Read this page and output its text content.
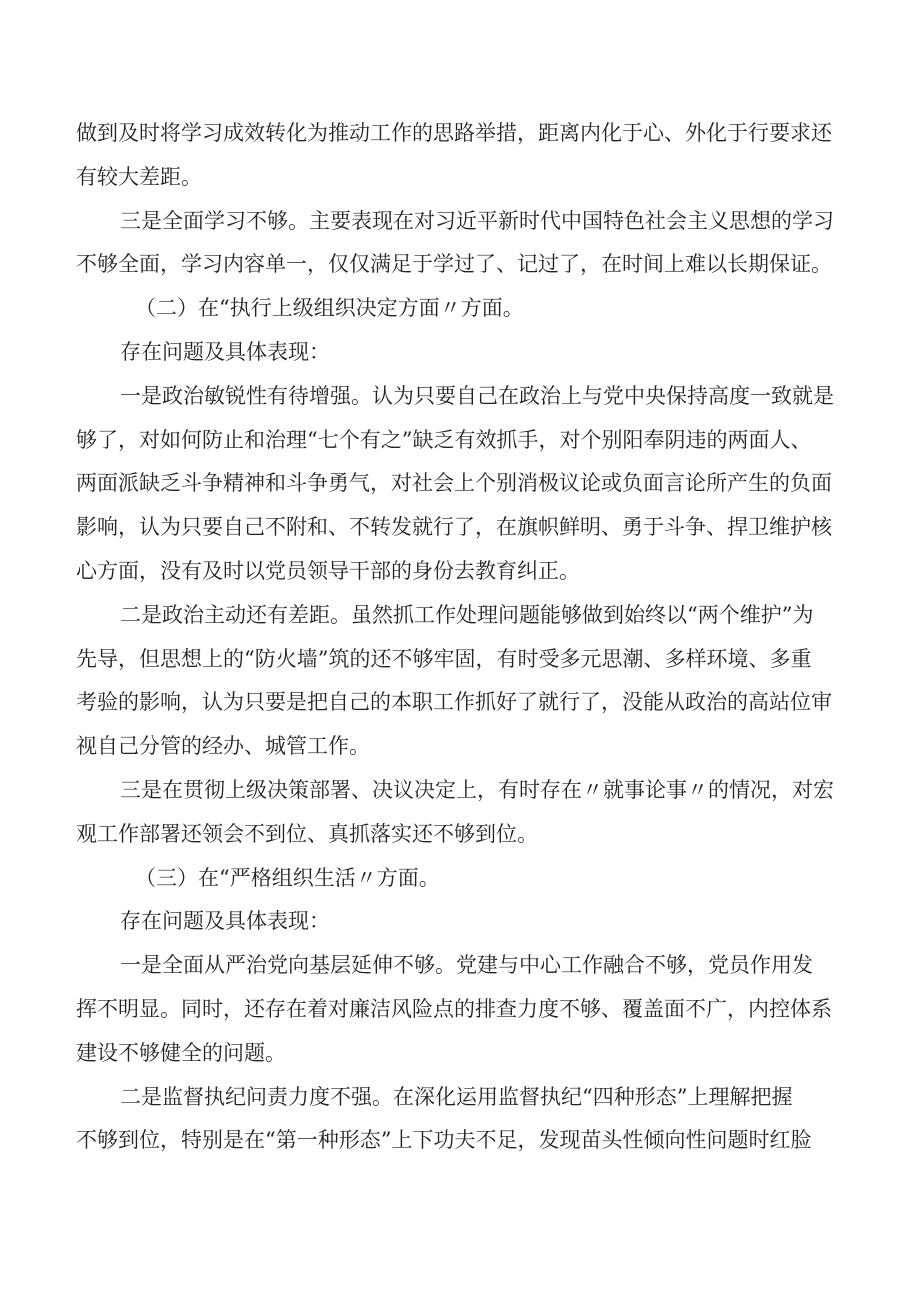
做到及时将学习成效转化为推动工作的思路举措，距离内化于心、外化于行要求还
有较大差距。
三是全面学习不够。主要表现在对习近平新时代中国特色社会主义思想的学习
不够全面，学习内容单一，仅仅满足于学过了、记过了，在时间上难以长期保证。
（二）在“执行上级组织决定方面〃方面。
存在问题及具体表现：
一是政治敏锐性有待增强。认为只要自己在政治上与党中央保持高度一致就是
够了，对如何防止和治理“七个有之”缺乏有效抓手，对个别阳奉阴违的两面人、
两面派缺乏斗争精神和斗争勇气，对社会上个别消极议论或负面言论所产生的负面
影响，认为只要自己不附和、不转发就行了，在旗帜鲜明、勇于斗争、捍卫维护核
心方面，没有及时以党员领导干部的身份去教育纠正。
二是政治主动还有差距。虽然抓工作处理问题能够做到始终以“两个维护”为
先导，但思想上的“防火墙”筑的还不够牢固，有时受多元思潮、多样环境、多重
考验的影响，认为只要是把自己的本职工作抓好了就行了，没能从政治的高站位审
视自己分管的经办、城管工作。
三是在贯彻上级决策部署、决议决定上，有时存在〃就事论事〃的情况，对宏
观工作部署还领会不到位、真抓落实还不够到位。
（三）在“严格组织生活〃方面。
存在问题及具体表现：
一是全面从严治党向基层延伸不够。党建与中心工作融合不够，党员作用发
挥不明显。同时，还存在着对廉洁风险点的排查力度不够、覆盖面不广，内控体系
建设不够健全的问题。
二是监督执纪问责力度不强。在深化运用监督执纪“四种形态”上理解把握
不够到位，特别是在“第一种形态”上下功夫不足，发现苗头性倾向性问题时红脸
